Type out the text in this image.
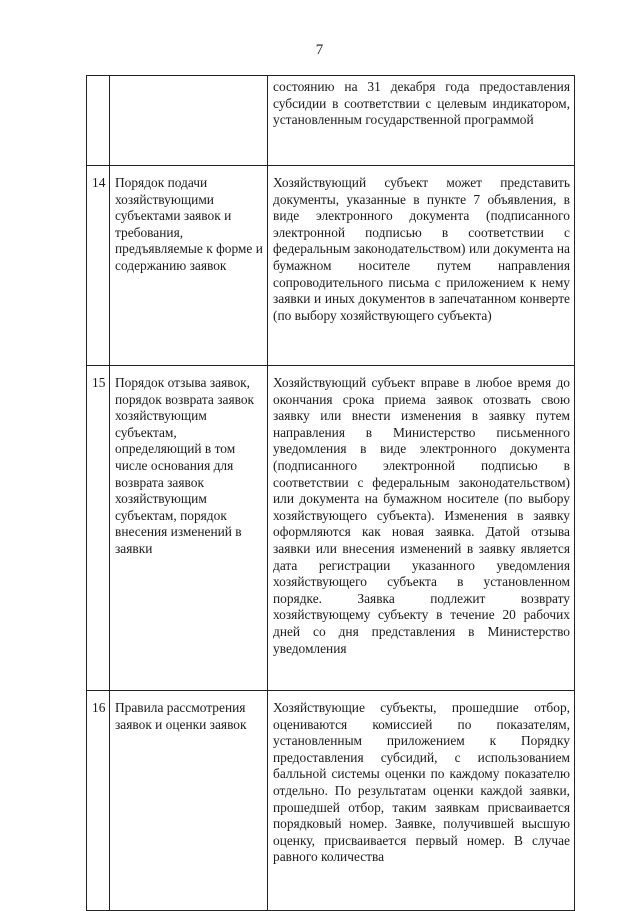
7
		состоянию на 31 декабря года предоставления субсидии в соответствии с целевым индикатором, установленным государственной программой
14	Порядок подачи хозяйствующими субъектами заявок и требования, предъявляемые к форме и содержанию заявок	Хозяйствующий субъект может представить документы, указанные в пункте 7 объявления, в виде электронного документа (подписанного электронной подписью в соответствии с федеральным законодательством) или документа на бумажном носителе путем направления сопроводительного письма с приложением к нему заявки и иных документов в запечатанном конверте (по выбору хозяйствующего субъекта)
15	Порядок отзыва заявок, порядок возврата заявок хозяйствующим субъектам, определяющий в том числе основания для возврата заявок хозяйствующим субъектам, порядок внесения изменений в заявки	Хозяйствующий субъект вправе в любое время до окончания срока приема заявок отозвать свою заявку или внести изменения в заявку путем направления в Министерство письменного уведомления в виде электронного документа (подписанного электронной подписью в соответствии с федеральным законодательством) или документа на бумажном носителе (по выбору хозяйствующего субъекта). Изменения в заявку оформляются как новая заявка. Датой отзыва заявки или внесения изменений в заявку является дата регистрации указанного уведомления хозяйствующего субъекта в установленном порядке. Заявка подлежит возврату хозяйствующему субъекту в течение 20 рабочих дней со дня представления в Министерство уведомления
16	Правила рассмотрения заявок и оценки заявок	Хозяйствующие субъекты, прошедшие отбор, оцениваются комиссией по показателям, установленным приложением к Порядку предоставления субсидий, с использованием балльной системы оценки по каждому показателю отдельно. По результатам оценки каждой заявки, прошедшей отбор, таким заявкам присваивается порядковый номер. Заявке, получившей высшую оценку, присваивается первый номер. В случае равного количества
